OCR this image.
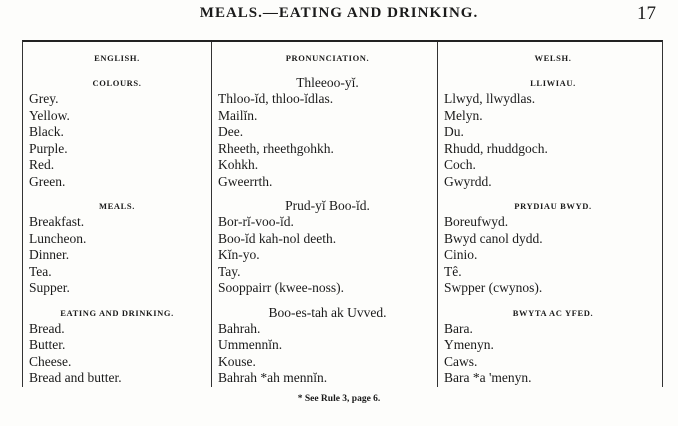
MEALS.—EATING AND DRINKING.	17
ENGLISH.
COLOURS.
Grey.
Yellow.
Black.
Purple.
Red.
Green.
MEALS.
Breakfast.
Luncheon.
Dinner.
Tea.
Supper.
EATING AND DRINKING.
Bread.
Butter.
Cheese.
Bread and butter.
PRONUNCIATION.
Thleeoo-yĭ.
Thloo-ĭd, thloo-ĭdlas.
Mailĭn.
Dee.
Rheeth, rheethgohkh.
Kohkh.
Gweerrth.
Prud-yĭ Boo-ĭd.
Bor-rĭ-voo-ĭd.
Boo-ĭd kah-nol deeth.
Kĭn-yo.
Tay.
Sooppairr (kwee-noss).
Boo-es-tah ak Uvved.
Bahrah.
Ummennĭn.
Kouse.
Bahrah *ah mennĭn.
WELSH.
LLIWIAU.
Llwyd, llwydlas.
Melyn.
Du.
Rhudd, rhuddgoch.
Coch.
Gwyrdd.
PRYDIAU BWYD.
Boreufwyd.
Bwyd canol dydd.
Cinio.
Tê.
Swpper (cwynos).
BWYTA AC YFED.
Bara.
Ymenyn.
Caws.
Bara *a 'menyn.
* See Rule 3, page 6.
